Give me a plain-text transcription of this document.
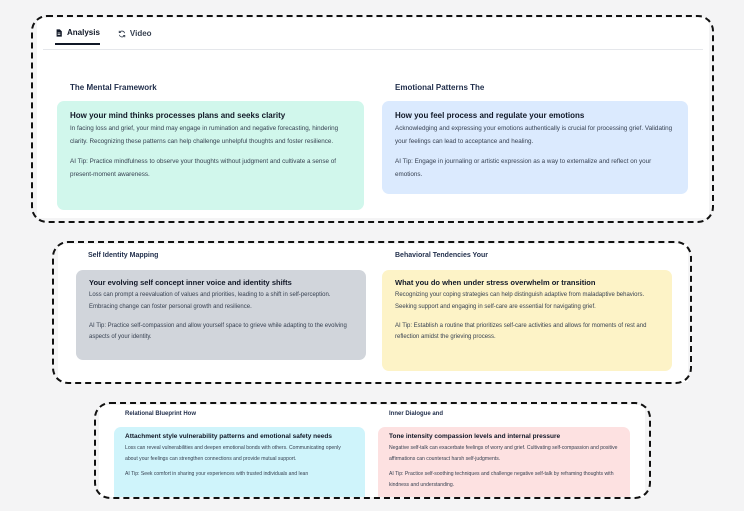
Analysis	Video
The Mental Framework
How your mind thinks processes plans and seeks clarity
In facing loss and grief, your mind may engage in rumination and negative forecasting, hindering clarity. Recognizing these patterns can help challenge unhelpful thoughts and foster resilience.
AI Tip: Practice mindfulness to observe your thoughts without judgment and cultivate a sense of present-moment awareness.
Emotional Patterns The
How you feel process and regulate your emotions
Acknowledging and expressing your emotions authentically is crucial for processing grief. Validating your feelings can lead to acceptance and healing.
AI Tip: Engage in journaling or artistic expression as a way to externalize and reflect on your emotions.
Self Identity Mapping
Your evolving self concept inner voice and identity shifts
Loss can prompt a reevaluation of values and priorities, leading to a shift in self-perception. Embracing change can foster personal growth and resilience.
AI Tip: Practice self-compassion and allow yourself space to grieve while adapting to the evolving aspects of your identity.
Behavioral Tendencies Your
What you do when under stress overwhelm or transition
Recognizing your coping strategies can help distinguish adaptive from maladaptive behaviors. Seeking support and engaging in self-care are essential for navigating grief.
AI Tip: Establish a routine that prioritizes self-care activities and allows for moments of rest and reflection amidst the grieving process.
Relational Blueprint How
Attachment style vulnerability patterns and emotional safety needs
Loss can reveal vulnerabilities and deepen emotional bonds with others. Communicating openly about your feelings can strengthen connections and provide mutual support.
AI Tip: Seek comfort in sharing your experiences with trusted individuals and lean
Inner Dialogue and
Tone intensity compassion levels and internal pressure
Negative self-talk can exacerbate feelings of worry and grief. Cultivating self-compassion and positive affirmations can counteract harsh self-judgments.
AI Tip: Practice self-soothing techniques and challenge negative self-talk by reframing thoughts with kindness and understanding.
